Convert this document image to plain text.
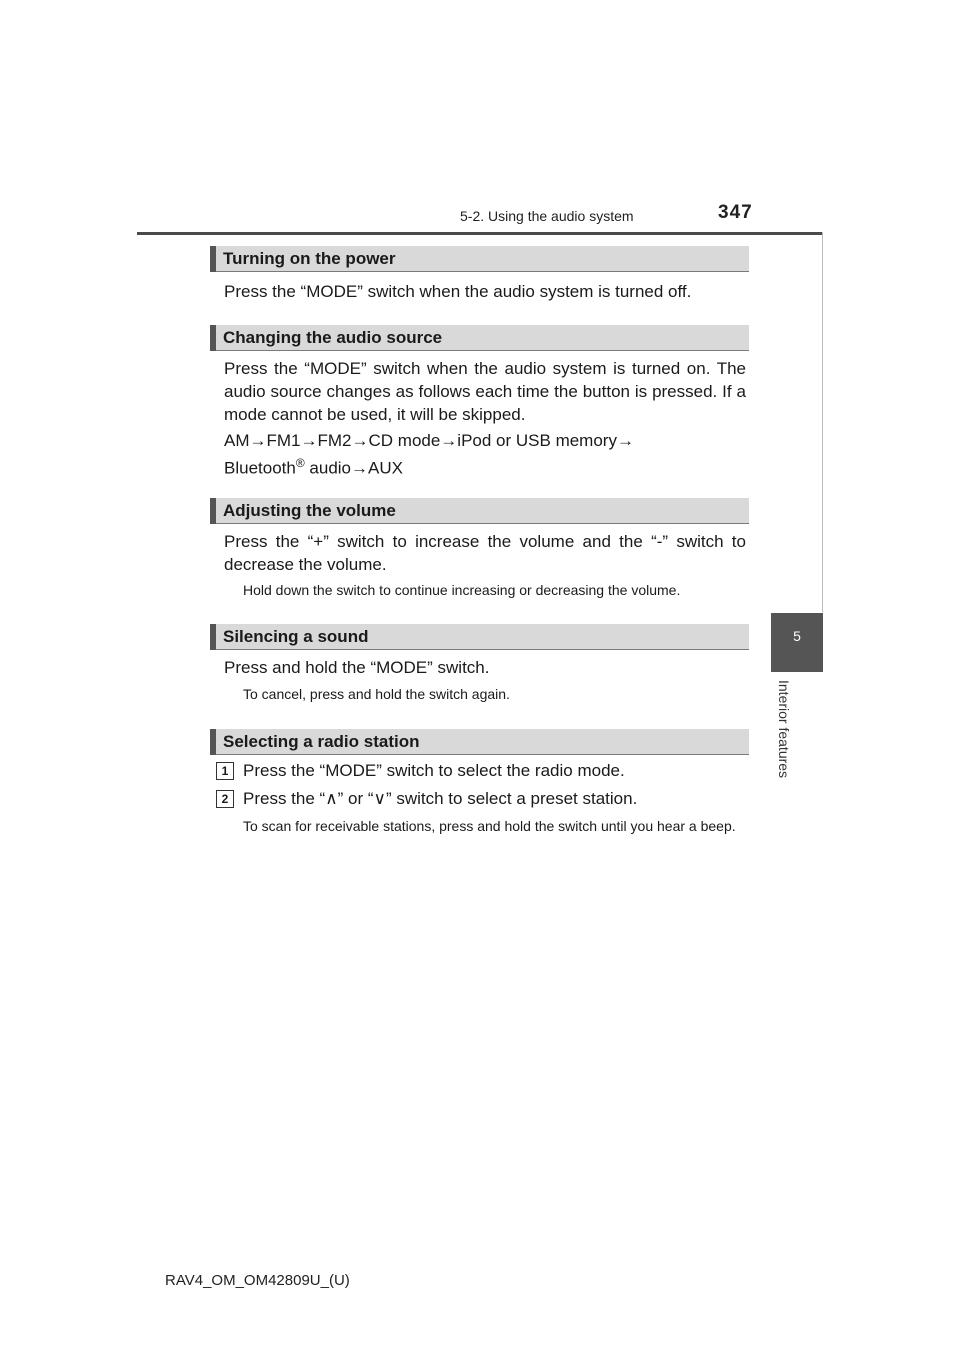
5-2. Using the audio system	347
5
Interior features
Turning on the power
Press the “MODE” switch when the audio system is turned off.
Changing the audio source
Press the “MODE” switch when the audio system is turned on. The audio source changes as follows each time the button is pressed. If a mode cannot be used, it will be skipped.
AM→FM1→FM2→CD mode→iPod or USB memory→
Bluetooth® audio→AUX
Adjusting the volume
Press the “+” switch to increase the volume and the “-” switch to decrease the volume.
Hold down the switch to continue increasing or decreasing the volume.
Silencing a sound
Press and hold the “MODE” switch.
To cancel, press and hold the switch again.
Selecting a radio station
1 Press the “MODE” switch to select the radio mode.
2 Press the “∧” or “∨” switch to select a preset station.
To scan for receivable stations, press and hold the switch until you hear a beep.
RAV4_OM_OM42809U_(U)
